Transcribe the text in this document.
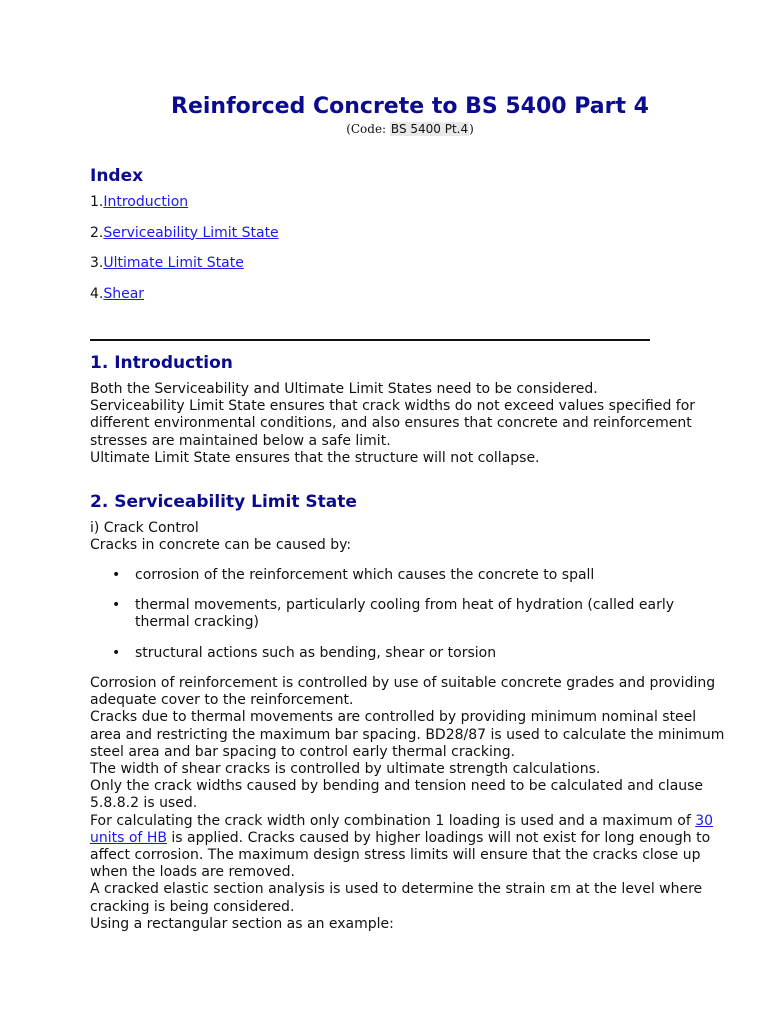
Reinforced Concrete to BS 5400 Part 4
(Code: BS 5400 Pt.4)
Index
1.Introduction
2.Serviceability Limit State
3.Ultimate Limit State
4.Shear
1. Introduction
Both the Serviceability and Ultimate Limit States need to be considered.
Serviceability Limit State ensures that crack widths do not exceed values specified for different environmental conditions, and also ensures that concrete and reinforcement stresses are maintained below a safe limit.
Ultimate Limit State ensures that the structure will not collapse.
2. Serviceability Limit State
i) Crack Control
Cracks in concrete can be caused by:
• corrosion of the reinforcement which causes the concrete to spall
• thermal movements, particularly cooling from heat of hydration (called early thermal cracking)
• structural actions such as bending, shear or torsion
Corrosion of reinforcement is controlled by use of suitable concrete grades and providing adequate cover to the reinforcement.
Cracks due to thermal movements are controlled by providing minimum nominal steel area and restricting the maximum bar spacing. BD28/87 is used to calculate the minimum steel area and bar spacing to control early thermal cracking.
The width of shear cracks is controlled by ultimate strength calculations.
Only the crack widths caused by bending and tension need to be calculated and clause 5.8.8.2 is used.
For calculating the crack width only combination 1 loading is used and a maximum of 30 units of HB is applied. Cracks caused by higher loadings will not exist for long enough to affect corrosion. The maximum design stress limits will ensure that the cracks close up when the loads are removed.
A cracked elastic section analysis is used to determine the strain εm at the level where cracking is being considered.
Using a rectangular section as an example:
